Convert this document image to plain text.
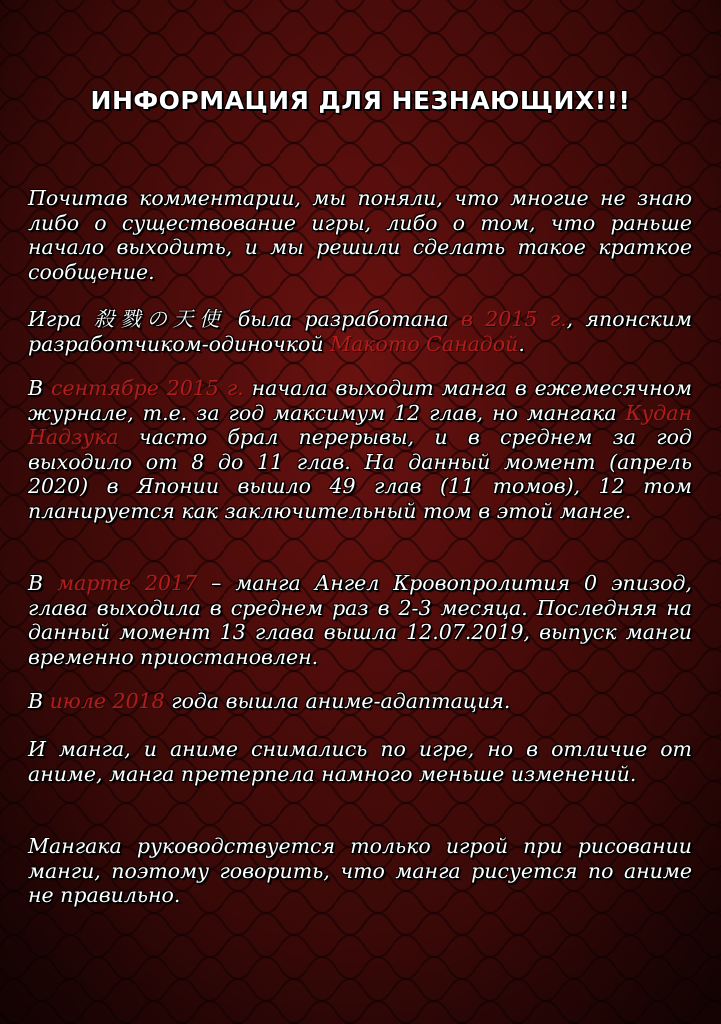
ИНФОРМАЦИЯ ДЛЯ НЕЗНАЮЩИХ!!!
Почитав комментарии, мы поняли, что многие не знаю либо о существование игры, либо о том, что раньше начало выходить, и мы решили сделать такое краткое сообщение.
Игра 殺戮の天使 была разработана в 2015 г., японским разработчиком-одиночкой Макото Санадой.
В сентябре 2015 г. начала выходит манга в ежемесячном журнале, т.е. за год максимум 12 глав, но мангака Кудан Надзука часто брал перерывы, и в среднем за год выходило от 8 до 11 глав. На данный момент (апрель 2020) в Японии вышло 49 глав (11 томов), 12 том планируется как заключительный том в этой манге.
В марте 2017 – манга Ангел Кровопролития 0 эпизод, глава выходила в среднем раз в 2-3 месяца. Последняя на данный момент 13 глава вышла 12.07.2019, выпуск манги временно приостановлен.
В июле 2018 года вышла аниме-адаптация.
И манга, и аниме снимались по игре, но в отличие от аниме, манга претерпела намного меньше изменений.
Мангака руководствуется только игрой при рисовании манги, поэтому говорить, что манга рисуется по аниме не правильно.
